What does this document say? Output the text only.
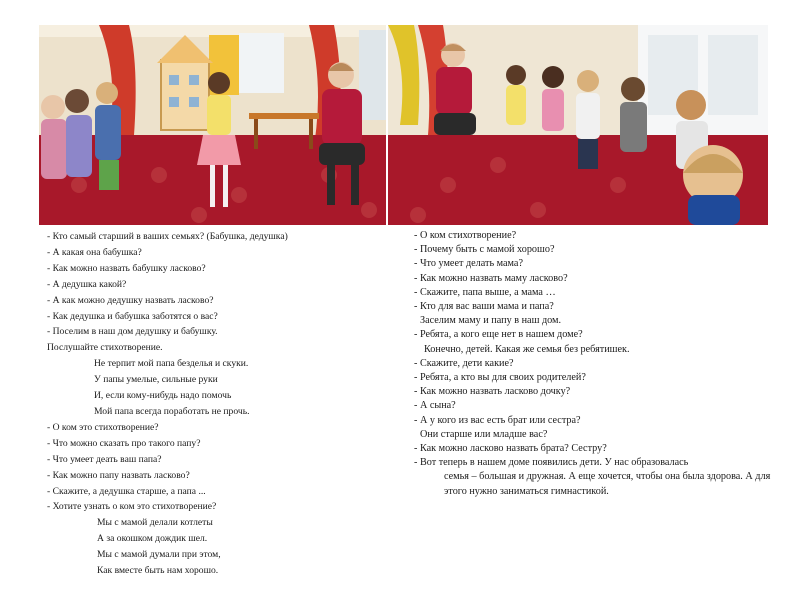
- Кто самый старший в ваших семьях? (Бабушка, дедушка)
- А какая она бабушка?
- Как можно назвать бабушку ласково?
- А дедушка какой?
- А как можно дедушку назвать ласково?
- Как дедушка и бабушка заботятся о вас?
- Поселим в наш дом дедушку и бабушку.
Послушайте стихотворение.
Не терпит мой папа безделья и скуки.
У папы умелые, сильные руки
И, если кому-нибудь надо помочь
Мой папа всегда поработать не прочь.
- О ком это стихотворение?
- Что можно сказать про такого папу?
- Что умеет деать ваш папа?
- Как можно папу назвать ласково?
- Скажите, а дедушка старше, а папа ...
- Хотите узнать о ком это стихотворение?
Мы с мамой делали котлеты
А за окошком дождик шел.
Мы с мамой думали при этом,
Как вместе быть нам хорошо.
- О ком стихотворение?
- Почему быть с мамой хорошо?
- Что умеет делать мама?
- Как можно назвать маму ласково?
- Скажите, папа выше, а мама …
- Кто для вас ваши мама и папа?
Заселим маму и папу в наш дом.
- Ребята, а кого еще нет в нашем доме?
Конечно, детей. Какая же семья без ребятишек.
- Скажите, дети какие?
- Ребята, а кто вы для своих родителей?
- Как можно назвать ласково дочку?
- А сына?
- А у кого из вас есть брат или сестра?
Они старше или младше вас?
- Как можно ласково назвать брата? Сестру?
- Вот теперь в нашем доме появились дети. У нас образовалась
семья – большая и дружная. А еще хочется, чтобы она была здорова. А для этого нужно заниматься гимнастикой.
